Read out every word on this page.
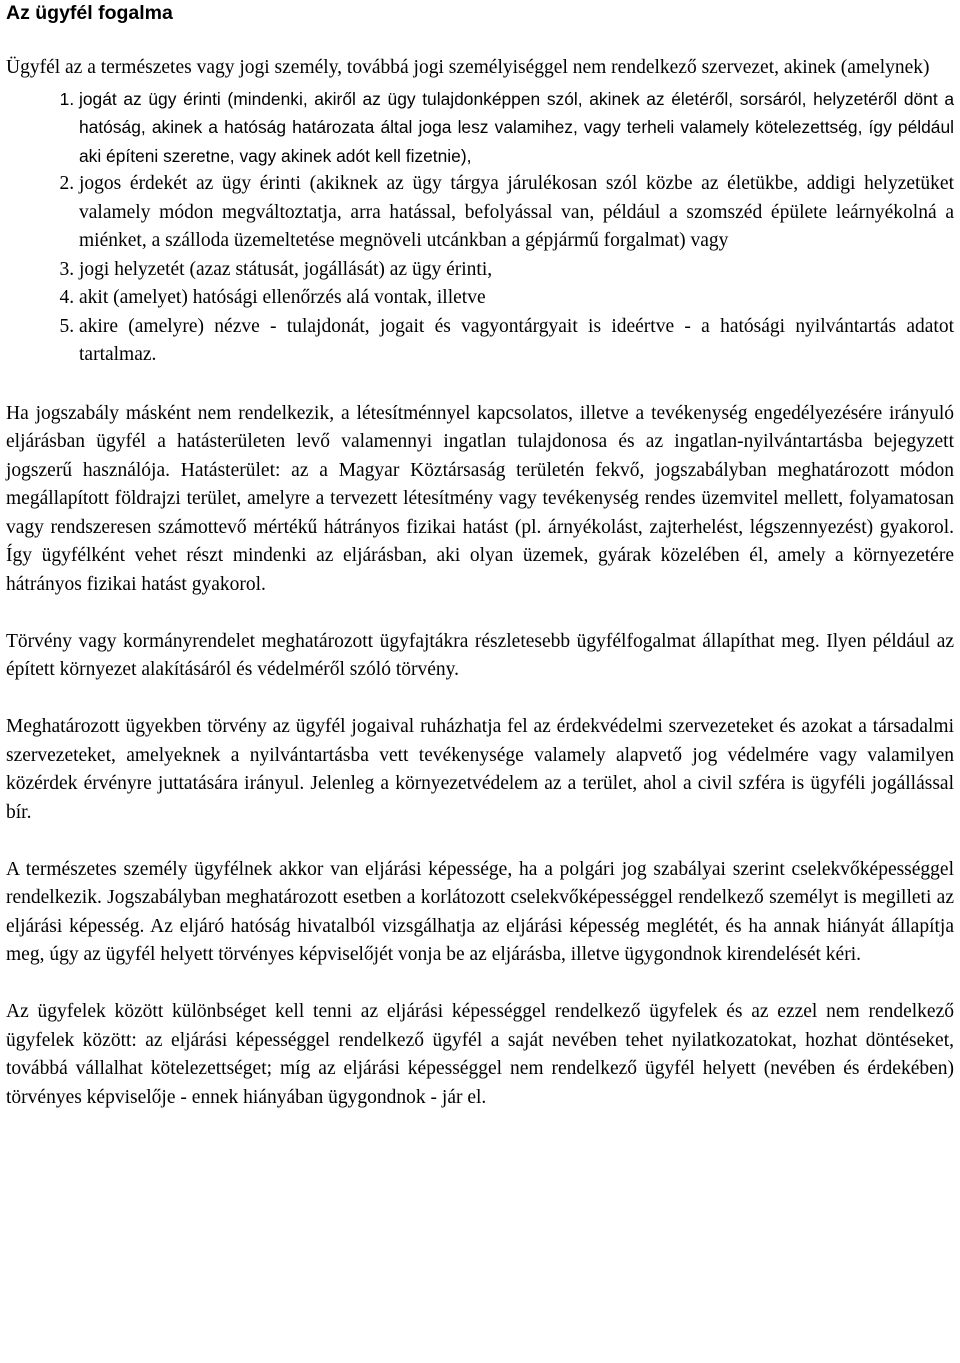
Az ügyfél fogalma

Ügyfél az a természetes vagy jogi személy, továbbá jogi személyiséggel nem rendelkező szervezet, akinek (amelynek)

1. jogát az ügy érinti (mindenki, akiről az ügy tulajdonképpen szól, akinek az életéről, sorsáról, helyzetéről dönt a hatóság, akinek a hatóság határozata által joga lesz valamihez, vagy terheli valamely kötelezettség, így például aki építeni szeretne, vagy akinek adót kell fizetnie),
2. jogos érdekét az ügy érinti (akiknek az ügy tárgya járulékosan szól közbe az életükbe, addigi helyzetüket valamely módon megváltoztatja, arra hatással, befolyással van, például a szomszéd épülete leárnyékolná a miénket, a szálloda üzemeltetése megnöveli utcánkban a gépjármű forgalmat) vagy
3. jogi helyzetét (azaz státusát, jogállását) az ügy érinti,
4. akit (amelyet) hatósági ellenőrzés alá vontak, illetve
5. akire (amelyre) nézve - tulajdonát, jogait és vagyontárgyait is ideértve - a hatósági nyilvántartás adatot tartalmaz.

Ha jogszabály másként nem rendelkezik, a létesítménnyel kapcsolatos, illetve a tevékenység engedélyezésére irányuló eljárásban ügyfél a hatásterületen levő valamennyi ingatlan tulajdonosa és az ingatlan-nyilvántartásba bejegyzett jogszerű használója. Hatásterület: az a Magyar Köztársaság területén fekvő, jogszabályban meghatározott módon megállapított földrajzi terület, amelyre a tervezett létesítmény vagy tevékenység rendes üzemvitel mellett, folyamatosan vagy rendszeresen számottevő mértékű hátrányos fizikai hatást (pl. árnyékolást, zajterhelést, légszennyezést) gyakorol. Így ügyfélként vehet részt mindenki az eljárásban, aki olyan üzemek, gyárak közelében él, amely a környezetére hátrányos fizikai hatást gyakorol.

Törvény vagy kormányrendelet meghatározott ügyfajtákra részletesebb ügyfélfogalmat állapíthat meg. Ilyen például az épített környezet alakításáról és védelméről szóló törvény.

Meghatározott ügyekben törvény az ügyfél jogaival ruházhatja fel az érdekvédelmi szervezeteket és azokat a társadalmi szervezeteket, amelyeknek a nyilvántartásba vett tevékenysége valamely alapvető jog védelmére vagy valamilyen közérdek érvényre juttatására irányul. Jelenleg a környezetvédelem az a terület, ahol a civil szféra is ügyféli jogállással bír.

A természetes személy ügyfélnek akkor van eljárási képessége, ha a polgári jog szabályai szerint cselekvőképességgel rendelkezik. Jogszabályban meghatározott esetben a korlátozott cselekvőképességgel rendelkező személyt is megilleti az eljárási képesség. Az eljáró hatóság hivatalból vizsgálhatja az eljárási képesség meglétét, és ha annak hiányát állapítja meg, úgy az ügyfél helyett törvényes képviselőjét vonja be az eljárásba, illetve ügygondnok kirendelését kéri.

Az ügyfelek között különbséget kell tenni az eljárási képességgel rendelkező ügyfelek és az ezzel nem rendelkező ügyfelek között: az eljárási képességgel rendelkező ügyfél a saját nevében tehet nyilatkozatokat, hozhat döntéseket, továbbá vállalhat kötelezettséget; míg az eljárási képességgel nem rendelkező ügyfél helyett (nevében és érdekében) törvényes képviselője - ennek hiányában ügygondnok - jár el.
